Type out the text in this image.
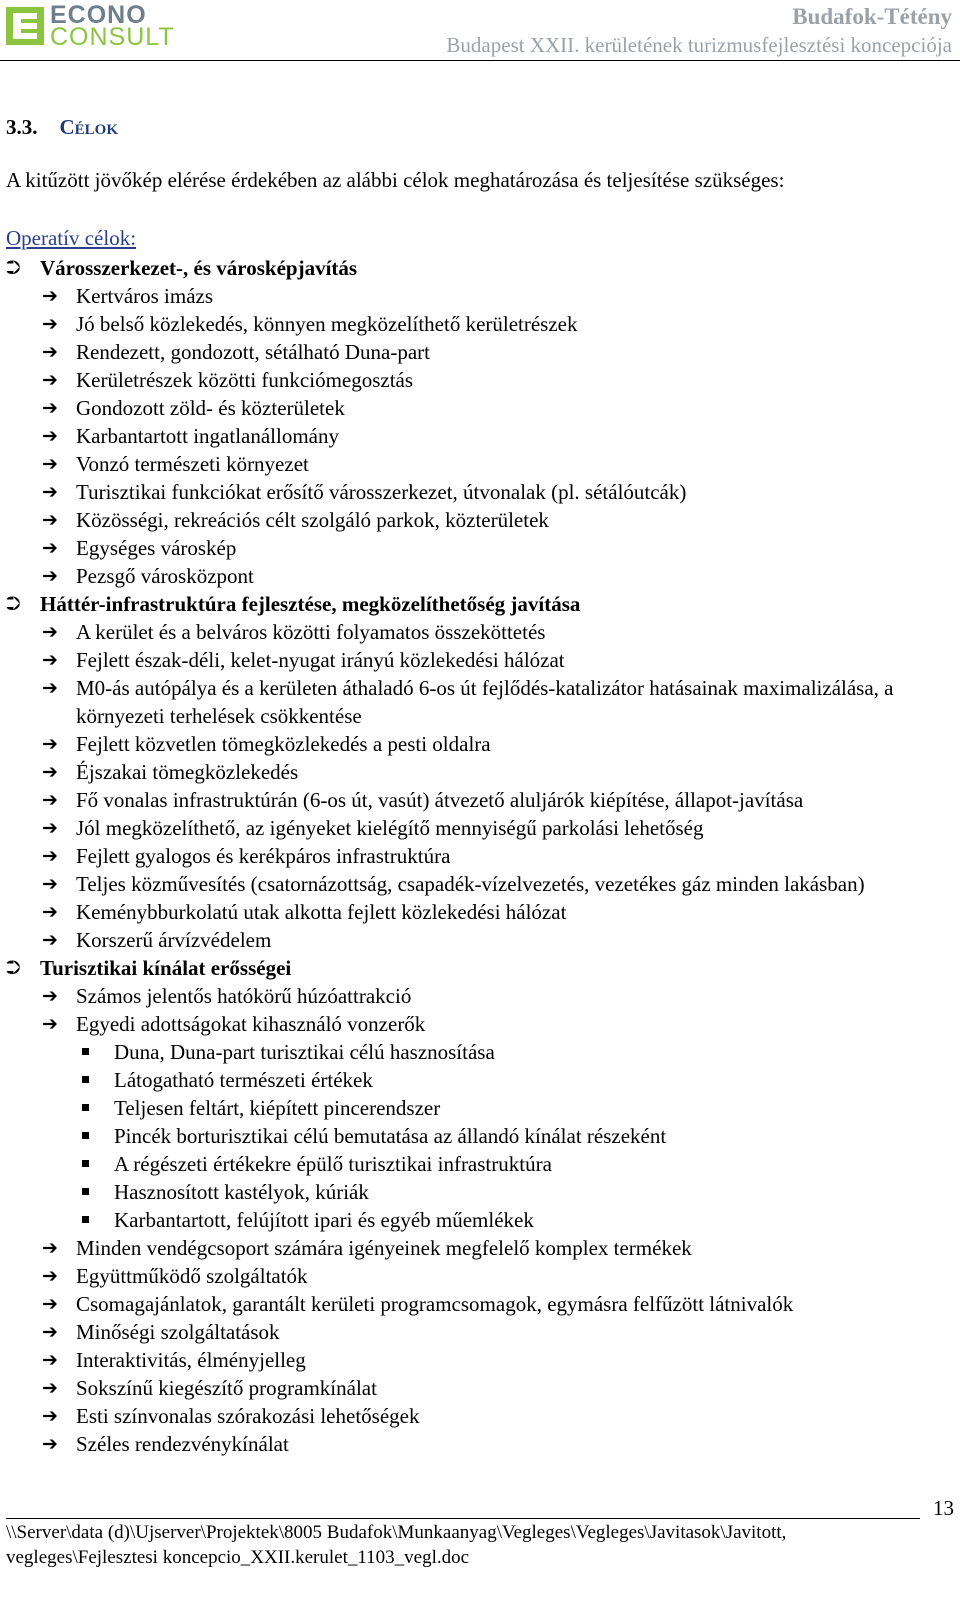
ECONO
CONSULT
Budafok-Tétény
Budapest XXII. kerületének turizmusfejlesztési koncepciója
3.3. Célok
A kitűzött jövőkép elérése érdekében az alábbi célok meghatározása és teljesítése szükséges:
Operatív célok:
⮊ Városszerkezet-, és városképjavítás
➔ Kertváros imázs
➔ Jó belső közlekedés, könnyen megközelíthető kerületrészek
➔ Rendezett, gondozott, sétálható Duna-part
➔ Kerületrészek közötti funkciómegosztás
➔ Gondozott zöld- és közterületek
➔ Karbantartott ingatlanállomány
➔ Vonzó természeti környezet
➔ Turisztikai funkciókat erősítő városszerkezet, útvonalak (pl. sétálóutcák)
➔ Közösségi, rekreációs célt szolgáló parkok, közterületek
➔ Egységes városkép
➔ Pezsgő városközpont
⮊ Háttér-infrastruktúra fejlesztése, megközelíthetőség javítása
➔ A kerület és a belváros közötti folyamatos összeköttetés
➔ Fejlett észak-déli, kelet-nyugat irányú közlekedési hálózat
➔ M0-ás autópálya és a kerületen áthaladó 6-os út fejlődés-katalizátor hatásainak maximalizálása, a környezeti terhelések csökkentése
➔ Fejlett közvetlen tömegközlekedés a pesti oldalra
➔ Éjszakai tömegközlekedés
➔ Fő vonalas infrastruktúrán (6-os út, vasút) átvezető aluljárók kiépítése, állapot-javítása
➔ Jól megközelíthető, az igényeket kielégítő mennyiségű parkolási lehetőség
➔ Fejlett gyalogos és kerékpáros infrastruktúra
➔ Teljes közművesítés (csatornázottság, csapadék-vízelvezetés, vezetékes gáz minden lakásban)
➔ Keménybburkolatú utak alkotta fejlett közlekedési hálózat
➔ Korszerű árvízvédelem
⮊ Turisztikai kínálat erősségei
➔ Számos jelentős hatókörű húzóattrakció
➔ Egyedi adottságokat kihasználó vonzerők
Duna, Duna-part turisztikai célú hasznosítása
Látogatható természeti értékek
Teljesen feltárt, kiépített pincerendszer
Pincék borturisztikai célú bemutatása az állandó kínálat részeként
A régészeti értékekre épülő turisztikai infrastruktúra
Hasznosított kastélyok, kúriák
Karbantartott, felújított ipari és egyéb műemlékek
➔ Minden vendégcsoport számára igényeinek megfelelő komplex termékek
➔ Együttműködő szolgáltatók
➔ Csomagajánlatok, garantált kerületi programcsomagok, egymásra felfűzött látnivalók
➔ Minőségi szolgáltatások
➔ Interaktivitás, élményjelleg
➔ Sokszínű kiegészítő programkínálat
➔ Esti színvonalas szórakozási lehetőségek
➔ Széles rendezvénykínálat
13
\\Server\data (d)\Ujserver\Projektek\8005 Budafok\Munkaanyag\Vegleges\Vegleges\Javitasok\Javitott, vegleges\Fejlesztesi koncepcio_XXII.kerulet_1103_vegl.doc
